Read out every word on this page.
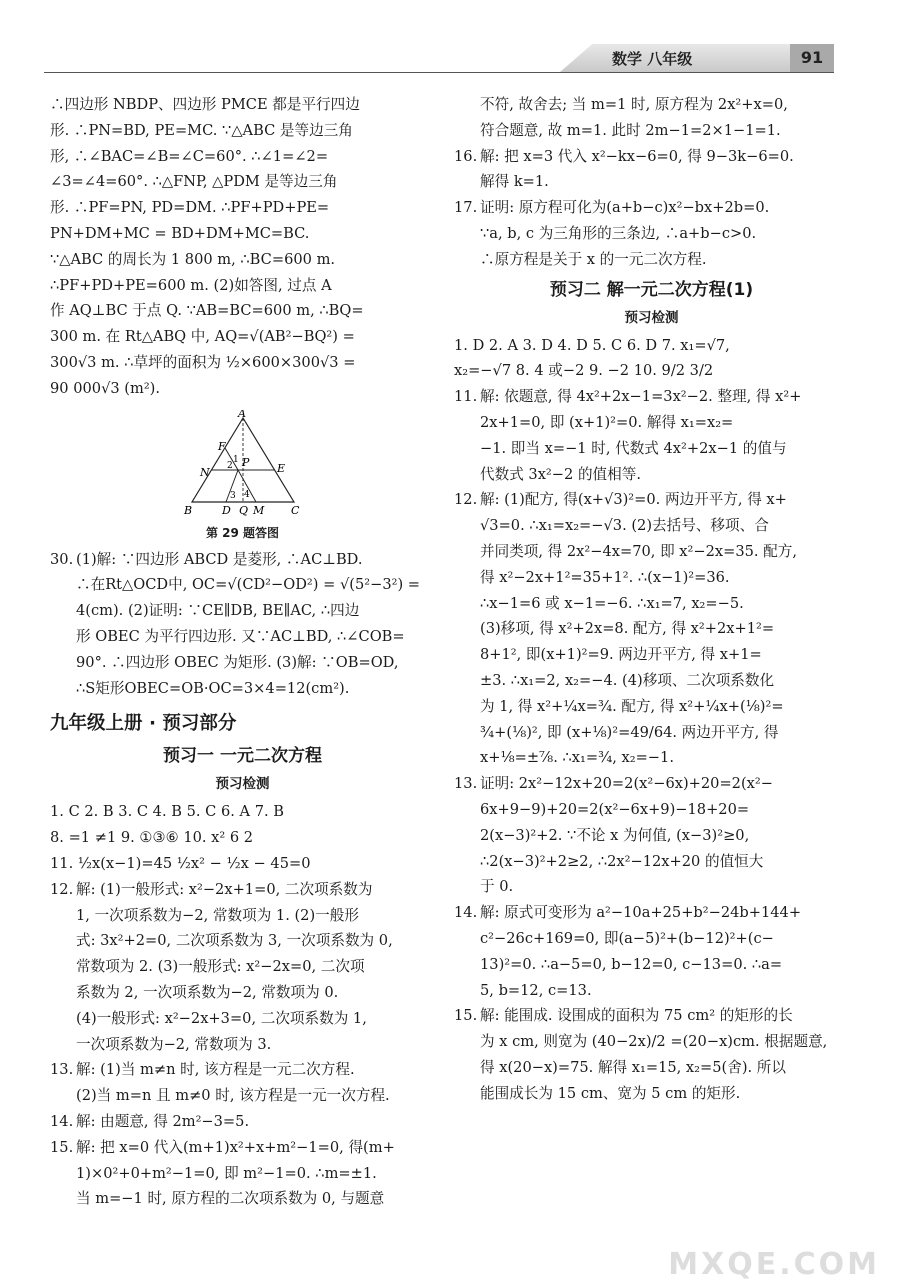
数学 八年级	91

∴四边形 NBDP、四边形 PMCE 都是平行四边

形. ∴PN=BD, PE=MC. ∵△ABC 是等边三角

形, ∴∠BAC=∠B=∠C=60°. ∴∠1=∠2=

∠3=∠4=60°. ∴△FNP, △PDM 是等边三角

形. ∴PF=PN, PD=DM. ∴PF+PD+PE=

PN+DM+MC = BD+DM+MC=BC.

∵△ABC 的周长为 1 800 m, ∴BC=600 m.

∴PF+PD+PE=600 m. (2)如答图, 过点 A

作 AQ⊥BC 于点 Q. ∵AB=BC=600 m, ∴BQ=

300 m. 在 Rt△ABQ 中, AQ=√(AB²−BQ²) =

300√3 m. ∴草坪的面积为 ½×600×300√3 =

90 000√3 (m²).

A
F
N 2
1 P	E
3 4
B	D Q M C
第 29 题答图
30. (1)解: ∵四边形 ABCD 是菱形, ∴AC⊥BD.

∴在Rt△OCD中, OC=√(CD²−OD²) = √(5²−3²) =

4(cm). (2)证明: ∵CE∥DB, BE∥AC, ∴四边

形 OBEC 为平行四边形. 又∵AC⊥BD, ∴∠COB=

90°. ∴四边形 OBEC 为矩形. (3)解: ∵OB=OD,

∴S矩形OBEC=OB·OC=3×4=12(cm²).

九年级上册 · 预习部分
预习一 一元二次方程
预习检测

1. C 2. B 3. C 4. B 5. C 6. A 7. B

8. =1 ≠1 9. ①③⑥ 10. x² 6 2

11. ½x(x−1)=45 ½x² − ½x − 45=0

12. 解: (1)一般形式: x²−2x+1=0, 二次项系数为

1, 一次项系数为−2, 常数项为 1. (2)一般形

式: 3x²+2=0, 二次项系数为 3, 一次项系数为 0,

常数项为 2. (3)一般形式: x²−2x=0, 二次项

系数为 2, 一次项系数为−2, 常数项为 0.

(4)一般形式: x²−2x+3=0, 二次项系数为 1,

一次项系数为−2, 常数项为 3.

13. 解: (1)当 m≠n 时, 该方程是一元二次方程.

(2)当 m=n 且 m≠0 时, 该方程是一元一次方程.

14. 解: 由题意, 得 2m²−3=5.
15. 解: 把 x=0 代入(m+1)x²+x+m²−1=0, 得(m+

1)×0²+0+m²−1=0, 即 m²−1=0. ∴m=±1.

当 m=−1 时, 原方程的二次项系数为 0, 与题意

不符, 故舍去; 当 m=1 时, 原方程为 2x²+x=0,

符合题意, 故 m=1. 此时 2m−1=2×1−1=1.

16. 解: 把 x=3 代入 x²−kx−6=0, 得 9−3k−6=0.

解得 k=1.

17. 证明: 原方程可化为(a+b−c)x²−bx+2b=0.

∵a, b, c 为三角形的三条边, ∴a+b−c>0.

∴原方程是关于 x 的一元二次方程.

预习二 解一元二次方程(1)
预习检测

1. D 2. A 3. D 4. D 5. C 6. D 7. x₁=√7,

x₂=−√7 8. 4 或−2 9. −2 10. 9/2 3/2

11. 解: 依题意, 得 4x²+2x−1=3x²−2. 整理, 得 x²+

2x+1=0, 即 (x+1)²=0. 解得 x₁=x₂=

−1. 即当 x=−1 时, 代数式 4x²+2x−1 的值与

代数式 3x²−2 的值相等.

12. 解: (1)配方, 得(x+√3)²=0. 两边开平方, 得 x+

√3=0. ∴x₁=x₂=−√3. (2)去括号、移项、合

并同类项, 得 2x²−4x=70, 即 x²−2x=35. 配方,

得 x²−2x+1²=35+1². ∴(x−1)²=36.

∴x−1=6 或 x−1=−6. ∴x₁=7, x₂=−5.

(3)移项, 得 x²+2x=8. 配方, 得 x²+2x+1²=

8+1², 即(x+1)²=9. 两边开平方, 得 x+1=

±3. ∴x₁=2, x₂=−4. (4)移项、二次项系数化

为 1, 得 x²+¼x=¾. 配方, 得 x²+¼x+(⅛)²=

¾+(⅛)², 即 (x+⅛)²=49/64. 两边开平方, 得

x+⅛=±⅞. ∴x₁=¾, x₂=−1.

13. 证明: 2x²−12x+20=2(x²−6x)+20=2(x²−

6x+9−9)+20=2(x²−6x+9)−18+20=

2(x−3)²+2. ∵不论 x 为何值, (x−3)²≥0,

∴2(x−3)²+2≥2, ∴2x²−12x+20 的值恒大

于 0.

14. 解: 原式可变形为 a²−10a+25+b²−24b+144+

c²−26c+169=0, 即(a−5)²+(b−12)²+(c−

13)²=0. ∴a−5=0, b−12=0, c−13=0. ∴a=

5, b=12, c=13.

15. 解: 能围成. 设围成的面积为 75 cm² 的矩形的长

为 x cm, 则宽为 (40−2x)/2 =(20−x)cm. 根据题意,

得 x(20−x)=75. 解得 x₁=15, x₂=5(舍). 所以

能围成长为 15 cm、宽为 5 cm 的矩形.

MXQE.COM
